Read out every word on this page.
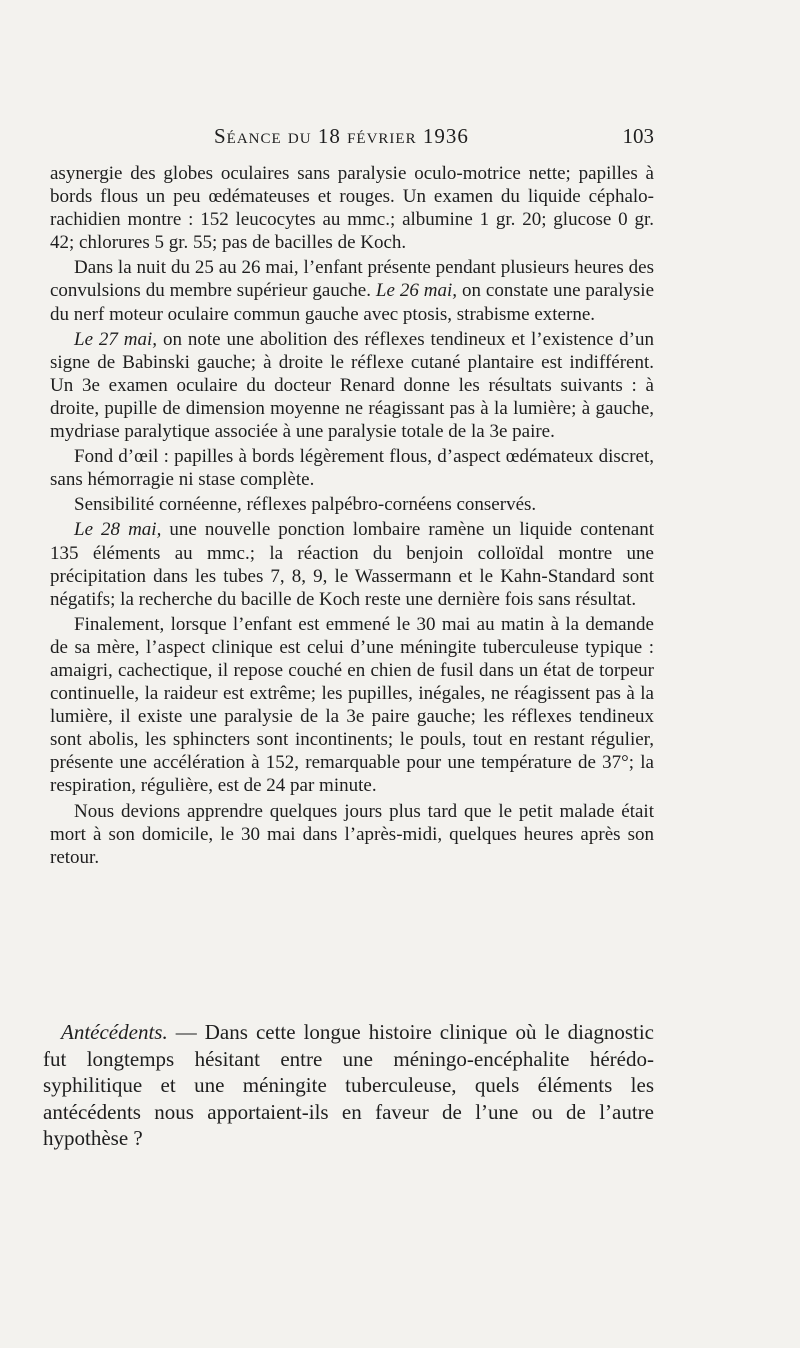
Séance du 18 février 1936	103

asynergie des globes oculaires sans paralysie oculo-motrice nette; papilles à bords flous un peu œdémateuses et rouges. Un examen du liquide céphalo-rachidien montre : 152 leucocytes au mmc.; albumine 1 gr. 20; glucose 0 gr. 42; chlorures 5 gr. 55; pas de bacilles de Koch.

Dans la nuit du 25 au 26 mai, l’enfant présente pendant plusieurs heures des convulsions du membre supérieur gauche. Le 26 mai, on constate une paralysie du nerf moteur oculaire commun gauche avec ptosis, strabisme externe.

Le 27 mai, on note une abolition des réflexes tendineux et l’existence d’un signe de Babinski gauche; à droite le réflexe cutané plantaire est indifférent. Un 3e examen oculaire du docteur Renard donne les résultats suivants : à droite, pupille de dimension moyenne ne réagissant pas à la lumière; à gauche, mydriase paralytique associée à une paralysie totale de la 3e paire.

Fond d’œil : papilles à bords légèrement flous, d’aspect œdémateux discret, sans hémorragie ni stase complète.

Sensibilité cornéenne, réflexes palpébro-cornéens conservés.

Le 28 mai, une nouvelle ponction lombaire ramène un liquide contenant 135 éléments au mmc.; la réaction du benjoin colloïdal montre une précipitation dans les tubes 7, 8, 9, le Wassermann et le Kahn-Standard sont négatifs; la recherche du bacille de Koch reste une dernière fois sans résultat.

Finalement, lorsque l’enfant est emmené le 30 mai au matin à la demande de sa mère, l’aspect clinique est celui d’une méningite tuberculeuse typique : amaigri, cachectique, il repose couché en chien de fusil dans un état de torpeur continuelle, la raideur est extrême; les pupilles, inégales, ne réagissent pas à la lumière, il existe une paralysie de la 3e paire gauche; les réflexes tendineux sont abolis, les sphincters sont incontinents; le pouls, tout en restant régulier, présente une accélération à 152, remarquable pour une température de 37°; la respiration, régulière, est de 24 par minute.

Nous devions apprendre quelques jours plus tard que le petit malade était mort à son domicile, le 30 mai dans l’après-midi, quelques heures après son retour.

Antécédents. — Dans cette longue histoire clinique où le diagnostic fut longtemps hésitant entre une méningo-encéphalite hérédo-syphilitique et une méningite tuberculeuse, quels éléments les antécédents nous apportaient-ils en faveur de l’une ou de l’autre hypothèse ?
